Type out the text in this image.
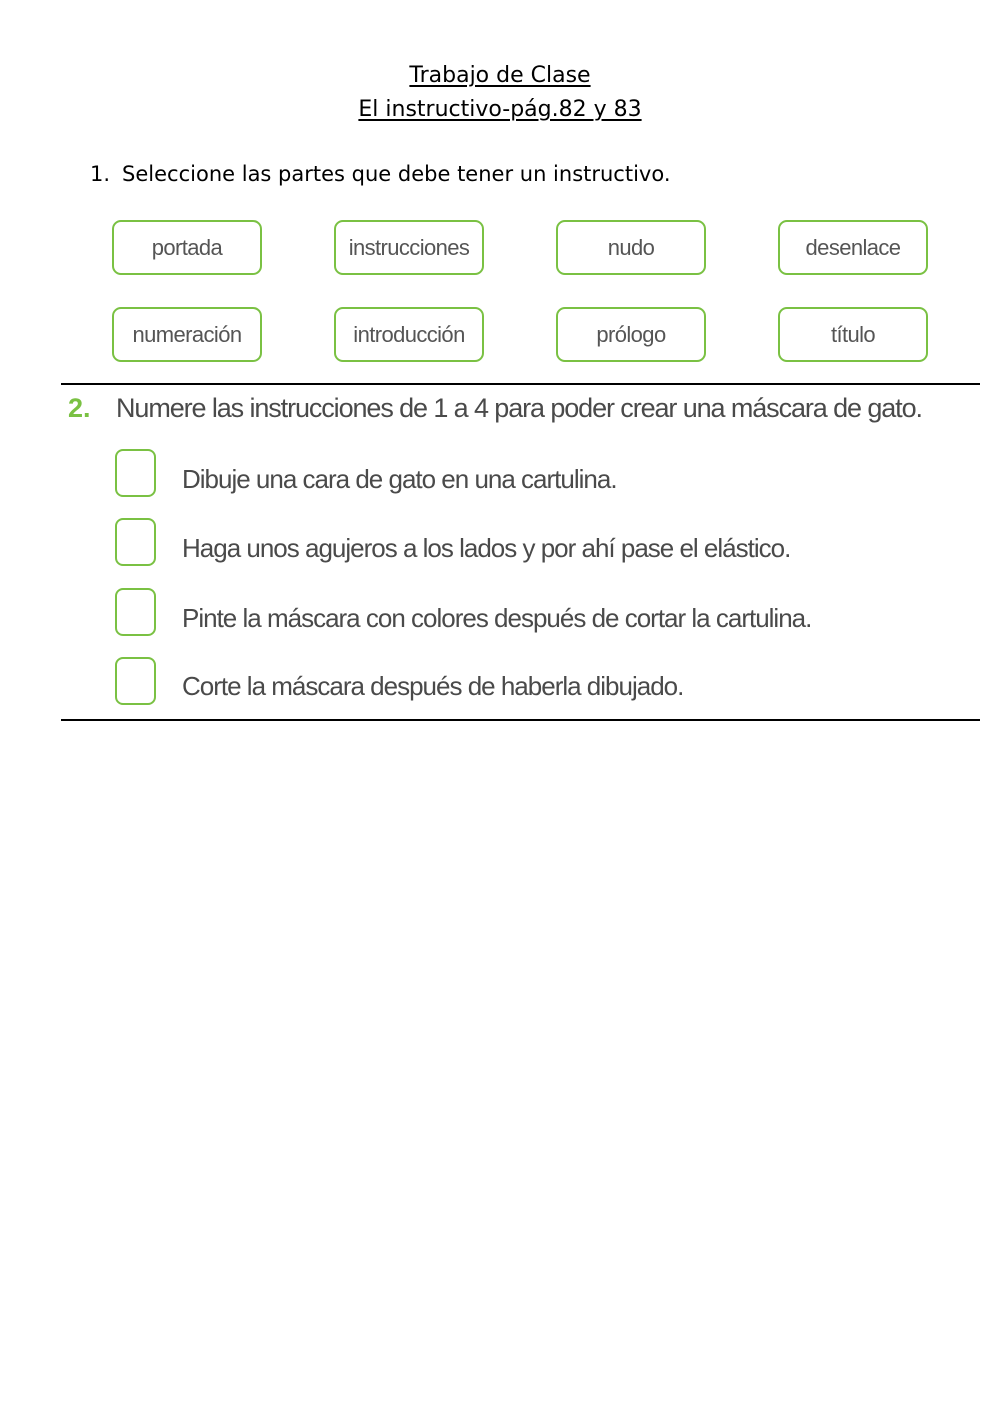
Trabajo de Clase
El instructivo-pág.82 y 83
1. Seleccione las partes que debe tener un instructivo.
portada	instrucciones	nudo	desenlace
numeración	introducción	prólogo	título
2. Numere las instrucciones de 1 a 4 para poder crear una máscara de gato.
Dibuje una cara de gato en una cartulina.
Haga unos agujeros a los lados y por ahí pase el elástico.
Pinte la máscara con colores después de cortar la cartulina.
Corte la máscara después de haberla dibujado.
